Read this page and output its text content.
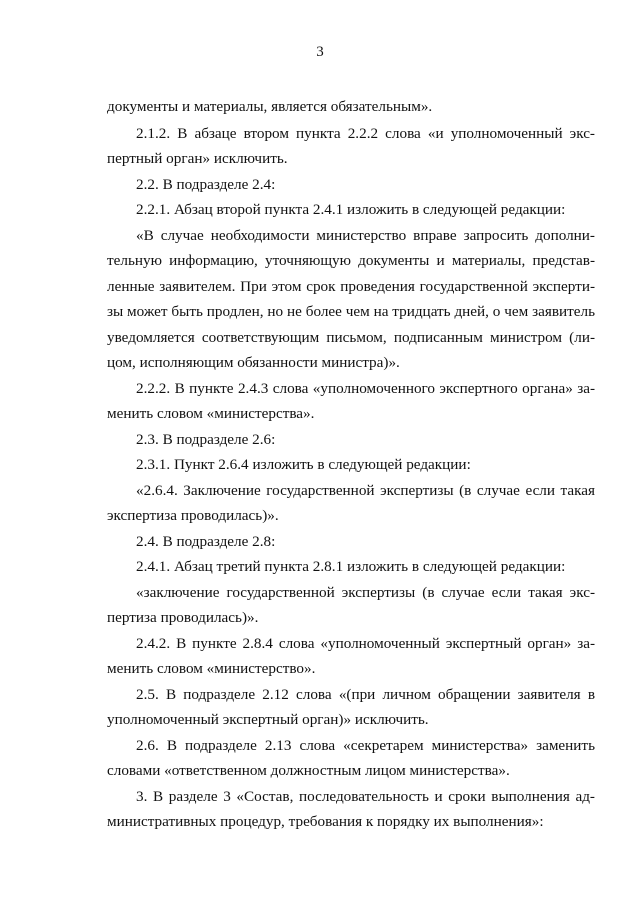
3
документы и материалы, является обязательным».
2.1.2. В абзаце втором пункта 2.2.2 слова «и уполномоченный экс-
пертный орган» исключить.
2.2. В подразделе 2.4:
2.2.1. Абзац второй пункта 2.4.1 изложить в следующей редакции:
«В случае необходимости министерство вправе запросить дополни-
тельную информацию, уточняющую документы и материалы, представ-
ленные заявителем. При этом срок проведения государственной эксперти-
зы может быть продлен, но не более чем на тридцать дней, о чем заявитель
уведомляется соответствующим письмом, подписанным министром (ли-
цом, исполняющим обязанности министра)».
2.2.2. В пункте 2.4.3 слова «уполномоченного экспертного органа» за-
менить словом «министерства».
2.3. В подразделе 2.6:
2.3.1. Пункт 2.6.4 изложить в следующей редакции:
«2.6.4. Заключение государственной экспертизы (в случае если такая
экспертиза проводилась)».
2.4. В подразделе 2.8:
2.4.1. Абзац третий пункта 2.8.1 изложить в следующей редакции:
«заключение государственной экспертизы (в случае если такая экс-
пертиза проводилась)».
2.4.2. В пункте 2.8.4 слова «уполномоченный экспертный орган» за-
менить словом «министерство».
2.5. В подразделе 2.12 слова «(при личном обращении заявителя в
уполномоченный экспертный орган)» исключить.
2.6. В подразделе 2.13 слова «секретарем министерства» заменить
словами «ответственном должностным лицом министерства».
3. В разделе 3 «Состав, последовательность и сроки выполнения ад-
министративных процедур, требования к порядку их выполнения»:
